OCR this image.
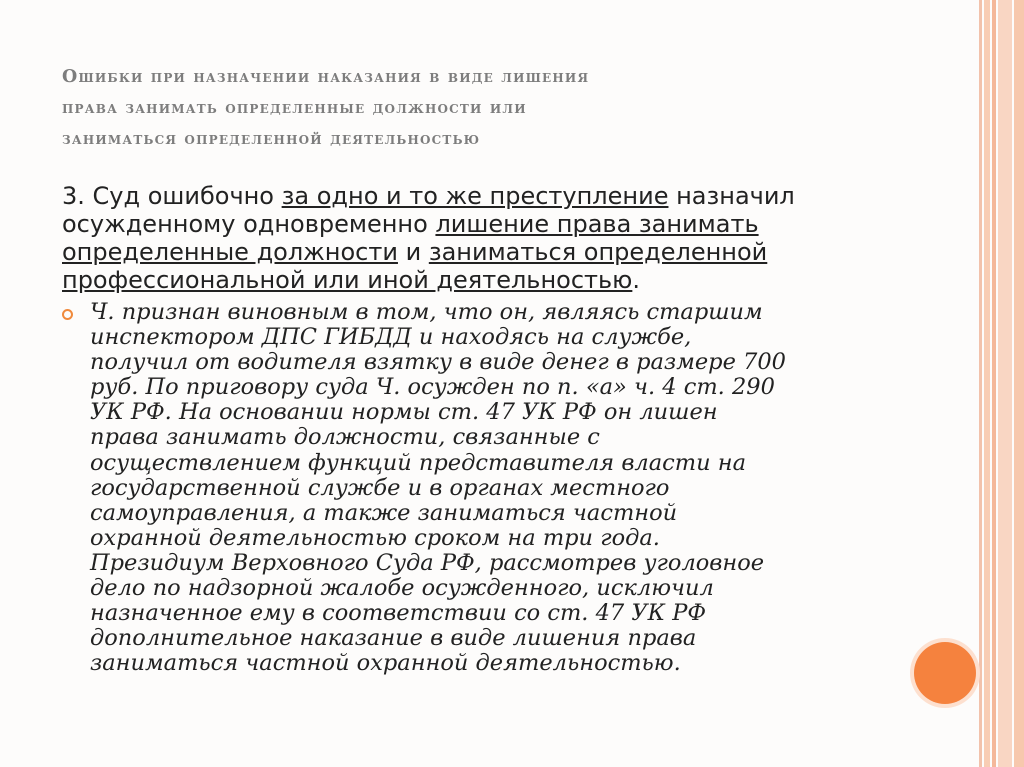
Ошибки при назначении наказания в виде лишения
права занимать определенные должности или
заниматься определенной деятельностью
3. Суд ошибочно за одно и то же преступление назначил осужденному одновременно лишение права занимать определенные должности и заниматься определенной профессиональной или иной деятельностью.
Ч. признан виновным в том, что он, являясь старшим
инспектором ДПС ГИБДД и находясь на службе,
получил от водителя взятку в виде денег в размере 700
руб. По приговору суда Ч. осужден по п. «а» ч. 4 ст. 290
УК РФ. На основании нормы ст. 47 УК РФ он лишен
права занимать должности, связанные с
осуществлением функций представителя власти на
государственной службе и в органах местного
самоуправления, а также заниматься частной
охранной деятельностью сроком на три года.
Президиум Верховного Суда РФ, рассмотрев уголовное
дело по надзорной жалобе осужденного, исключил
назначенное ему в соответствии со ст. 47 УК РФ
дополнительное наказание в виде лишения права
заниматься частной охранной деятельностью.
